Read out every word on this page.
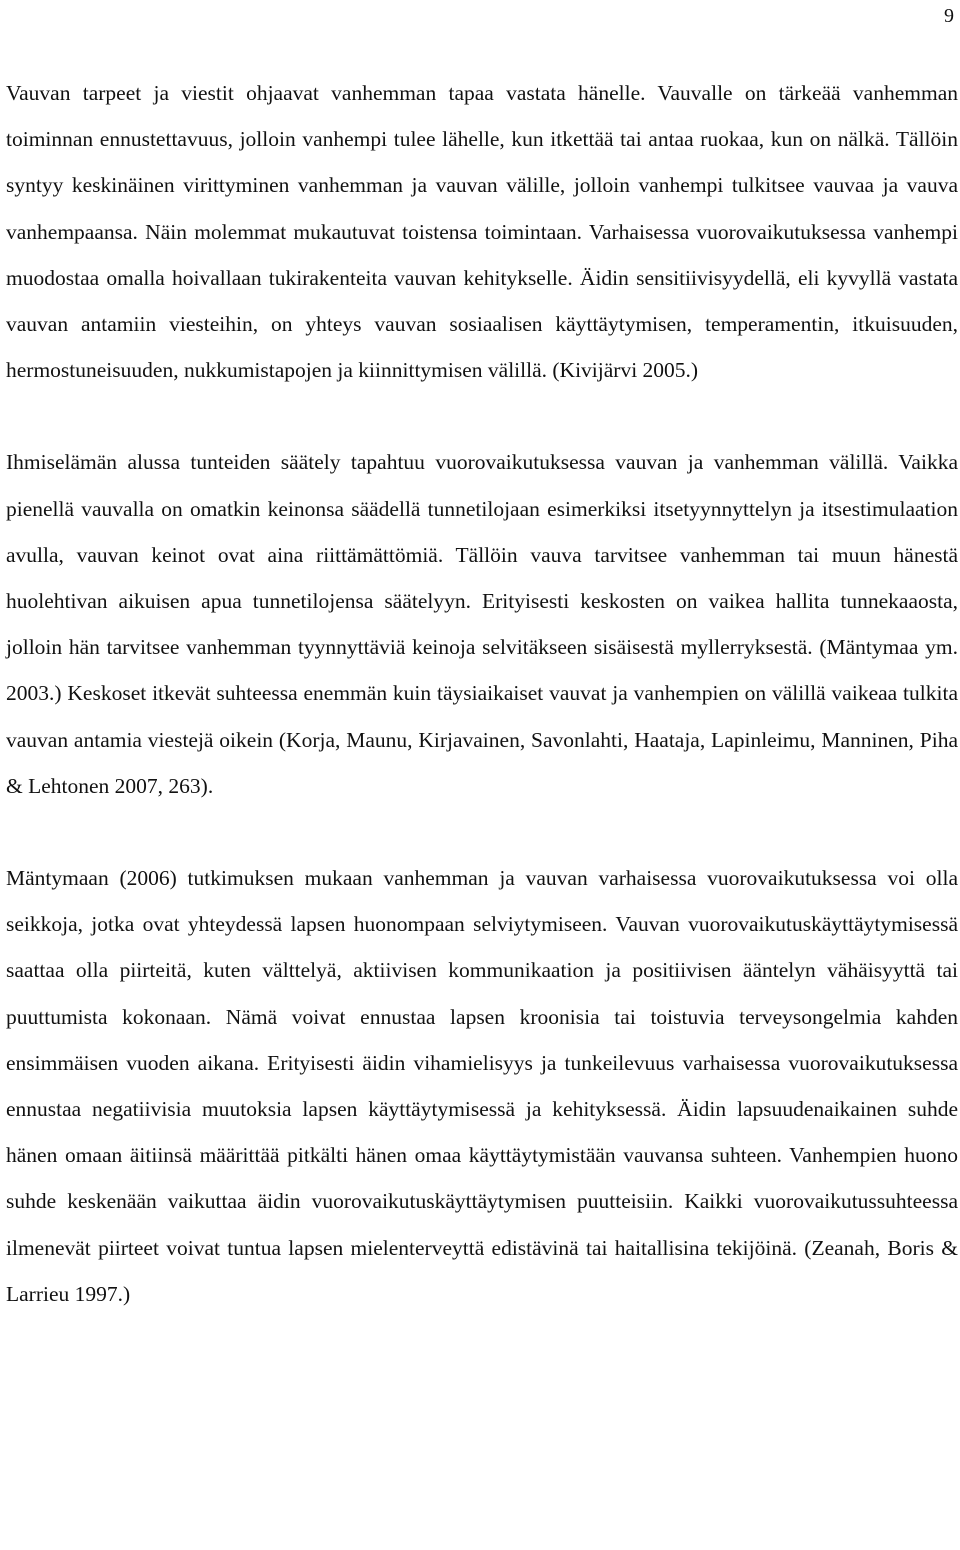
9

Vauvan tarpeet ja viestit ohjaavat vanhemman tapaa vastata hänelle. Vauvalle on tärkeää vanhemman toiminnan ennustettavuus, jolloin vanhempi tulee lähelle, kun itkettää tai antaa ruokaa, kun on nälkä. Tällöin syntyy keskinäinen virittyminen vanhemman ja vauvan välille, jolloin vanhempi tulkitsee vauvaa ja vauva vanhempaansa. Näin molemmat mukautuvat toistensa toimintaan. Varhaisessa vuorovaikutuksessa vanhempi muodostaa omalla hoivallaan tukirakenteita vauvan kehitykselle. Äidin sensitiivisyydellä, eli kyvyllä vastata vauvan antamiin viesteihin, on yhteys vauvan sosiaalisen käyttäytymisen, temperamentin, itkuisuuden, hermostuneisuuden, nukkumistapojen ja kiinnittymisen välillä. (Kivijärvi 2005.)

Ihmiselämän alussa tunteiden säätely tapahtuu vuorovaikutuksessa vauvan ja vanhemman välillä. Vaikka pienellä vauvalla on omatkin keinonsa säädellä tunnetilojaan esimerkiksi itsetyynnyttelyn ja itsestimulaation avulla, vauvan keinot ovat aina riittämättömiä. Tällöin vauva tarvitsee vanhemman tai muun hänestä huolehtivan aikuisen apua tunnetilojensa säätelyyn. Erityisesti keskosten on vaikea hallita tunnekaaosta, jolloin hän tarvitsee vanhemman tyynnyttäviä keinoja selvitäkseen sisäisestä myllerryksestä. (Mäntymaa ym. 2003.) Keskoset itkevät suhteessa enemmän kuin täysiaikaiset vauvat ja vanhempien on välillä vaikeaa tulkita vauvan antamia viestejä oikein (Korja, Maunu, Kirjavainen, Savonlahti, Haataja, Lapinleimu, Manninen, Piha & Lehtonen 2007, 263).

Mäntymaan (2006) tutkimuksen mukaan vanhemman ja vauvan varhaisessa vuorovaikutuksessa voi olla seikkoja, jotka ovat yhteydessä lapsen huonompaan selviytymiseen. Vauvan vuorovaikutuskäyttäytymisessä saattaa olla piirteitä, kuten välttelyä, aktiivisen kommunikaation ja positiivisen ääntelyn vähäisyyttä tai puuttumista kokonaan. Nämä voivat ennustaa lapsen kroonisia tai toistuvia terveysongelmia kahden ensimmäisen vuoden aikana. Erityisesti äidin vihamielisyys ja tunkeilevuus varhaisessa vuorovaikutuksessa ennustaa negatiivisia muutoksia lapsen käyttäytymisessä ja kehityksessä. Äidin lapsuudenaikainen suhde hänen omaan äitiinsä määrittää pitkälti hänen omaa käyttäytymistään vauvansa suhteen. Vanhempien huono suhde keskenään vaikuttaa äidin vuorovaikutuskäyttäytymisen puutteisiin. Kaikki vuorovaikutussuhteessa ilmenevät piirteet voivat tuntua lapsen mielenterveyttä edistävinä tai haitallisina tekijöinä. (Zeanah, Boris & Larrieu 1997.)
